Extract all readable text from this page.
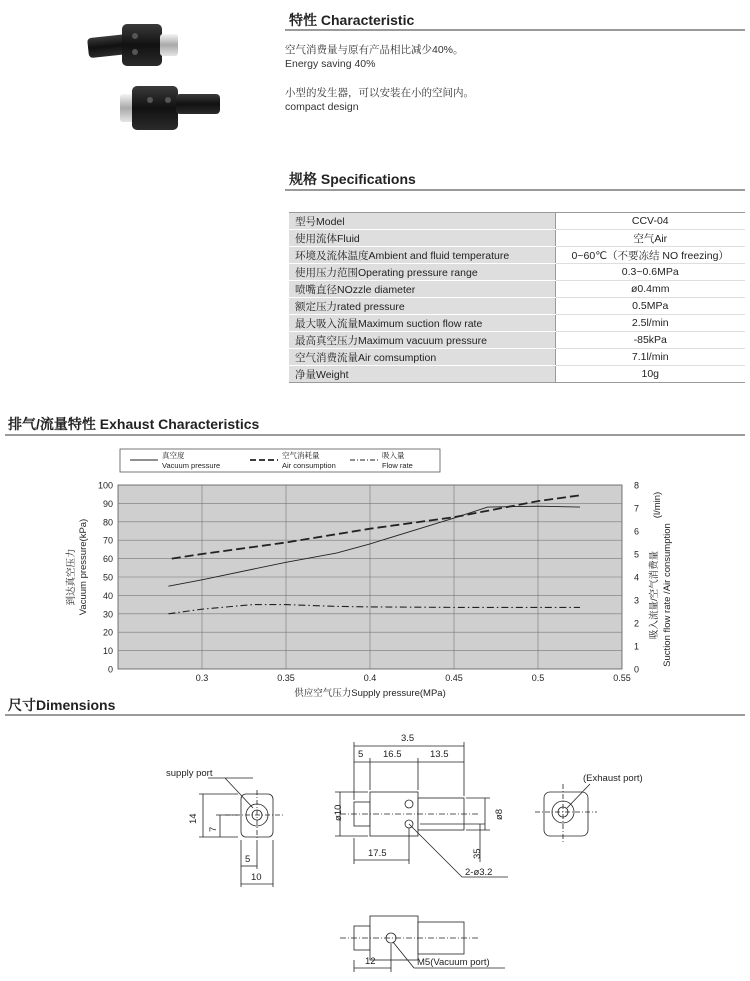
特性 Characteristic
空气消费量与原有产品相比减少40%。
Energy saving 40%
小型的发生器，可以安装在小的空间内。
compact design
规格 Specifications
型号Model	CCV-04
使用流体Fluid	空气Air
环境及流体温度Ambient and fluid temperature	0~60℃（不要冻结 NO freezing）
使用压力范围Operating pressure range	0.3~0.6MPa
喷嘴直径NOzzle diameter	ø0.4mm
额定压力rated pressure	0.5MPa
最大吸入流量Maximum suction flow rate	2.5l/min
最高真空压力Maximum vacuum pressure	-85kPa
空气消费流量Air comsumption	7.1l/min
净量Weight	10g
排气/流量特性 Exhaust Characteristics
真空度
Vacuum pressure
空气消耗量
Air consumption
吸入量
Flow rate
0
10
20
30
40
50
60
70
80
90
100
0
1
2
3
4
5
6
7
8
0.3	0.35	0.4	0.45	0.5	0.55
供应空气压力Supply pressure(MPa)
到达真空压力 Vacuum pressure(kPa)	吸入流量/空气消费量 Suction flow rate /Air consumption
(l/min)
尺寸Dimensions
supply port
14
7
5
10
3.5
5 16.5	13.5
ø10	ø8
17.5	35
2-ø3.2
(Exhaust port)
12	M5(Vacuum port)
